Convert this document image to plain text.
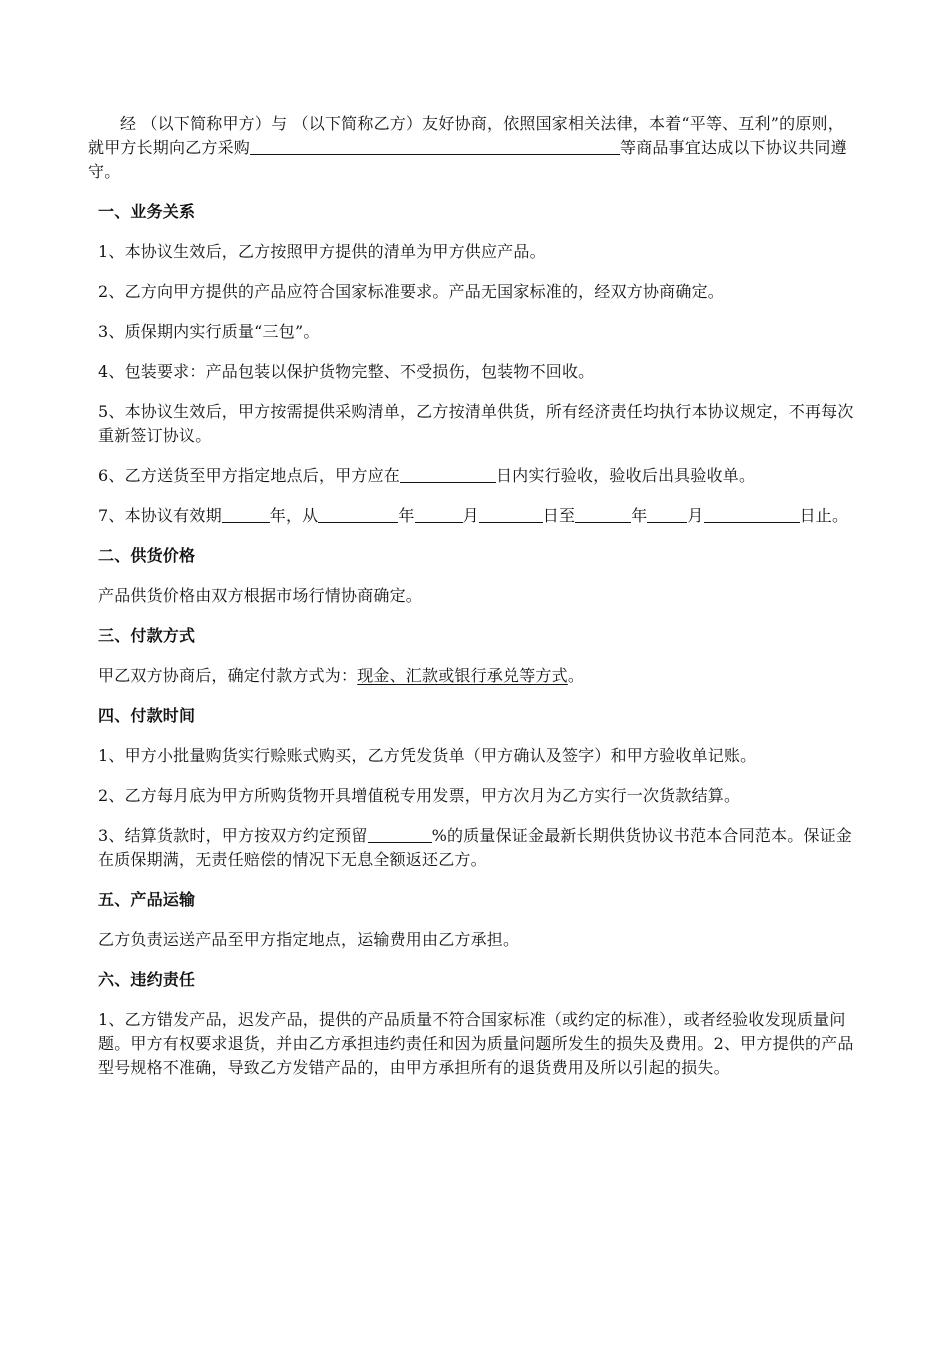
经 （以下简称甲方）与 （以下简称乙方）友好协商，依照国家相关法律，本着“平等、互利”的原则，就甲方长期向乙方采购	等商品事宜达成以下协议共同遵守。

一、业务关系

1、本协议生效后，乙方按照甲方提供的清单为甲方供应产品。

2、乙方向甲方提供的产品应符合国家标准要求。产品无国家标准的，经双方协商确定。

3、质保期内实行质量“三包”。

4、包装要求：产品包装以保护货物完整、不受损伤，包装物不回收。

5、本协议生效后，甲方按需提供采购清单，乙方按清单供货，所有经济责任均执行本协议规定，不再每次重新签订协议。

6、乙方送货至甲方指定地点后，甲方应在	日内实行验收，验收后出具验收单。

7、本协议有效期	年，从	年	月	日至	年	月	日止。

二、供货价格

产品供货价格由双方根据市场行情协商确定。

三、付款方式

甲乙双方协商后，确定付款方式为：现金、汇款或银行承兑等方式。

四、付款时间

1、甲方小批量购货实行赊账式购买，乙方凭发货单（甲方确认及签字）和甲方验收单记账。

2、乙方每月底为甲方所购货物开具增值税专用发票，甲方次月为乙方实行一次货款结算。

3、结算货款时，甲方按双方约定预留	%的质量保证金最新长期供货协议书范本合同范本。保证金在质保期满，无责任赔偿的情况下无息全额返还乙方。

五、产品运输

乙方负责运送产品至甲方指定地点，运输费用由乙方承担。

六、违约责任

1、乙方错发产品，迟发产品，提供的产品质量不符合国家标准（或约定的标准），或者经验收发现质量问题。甲方有权要求退货，并由乙方承担违约责任和因为质量问题所发生的损失及费用。2、甲方提供的产品型号规格不准确，导致乙方发错产品的，由甲方承担所有的退货费用及所以引起的损失。
